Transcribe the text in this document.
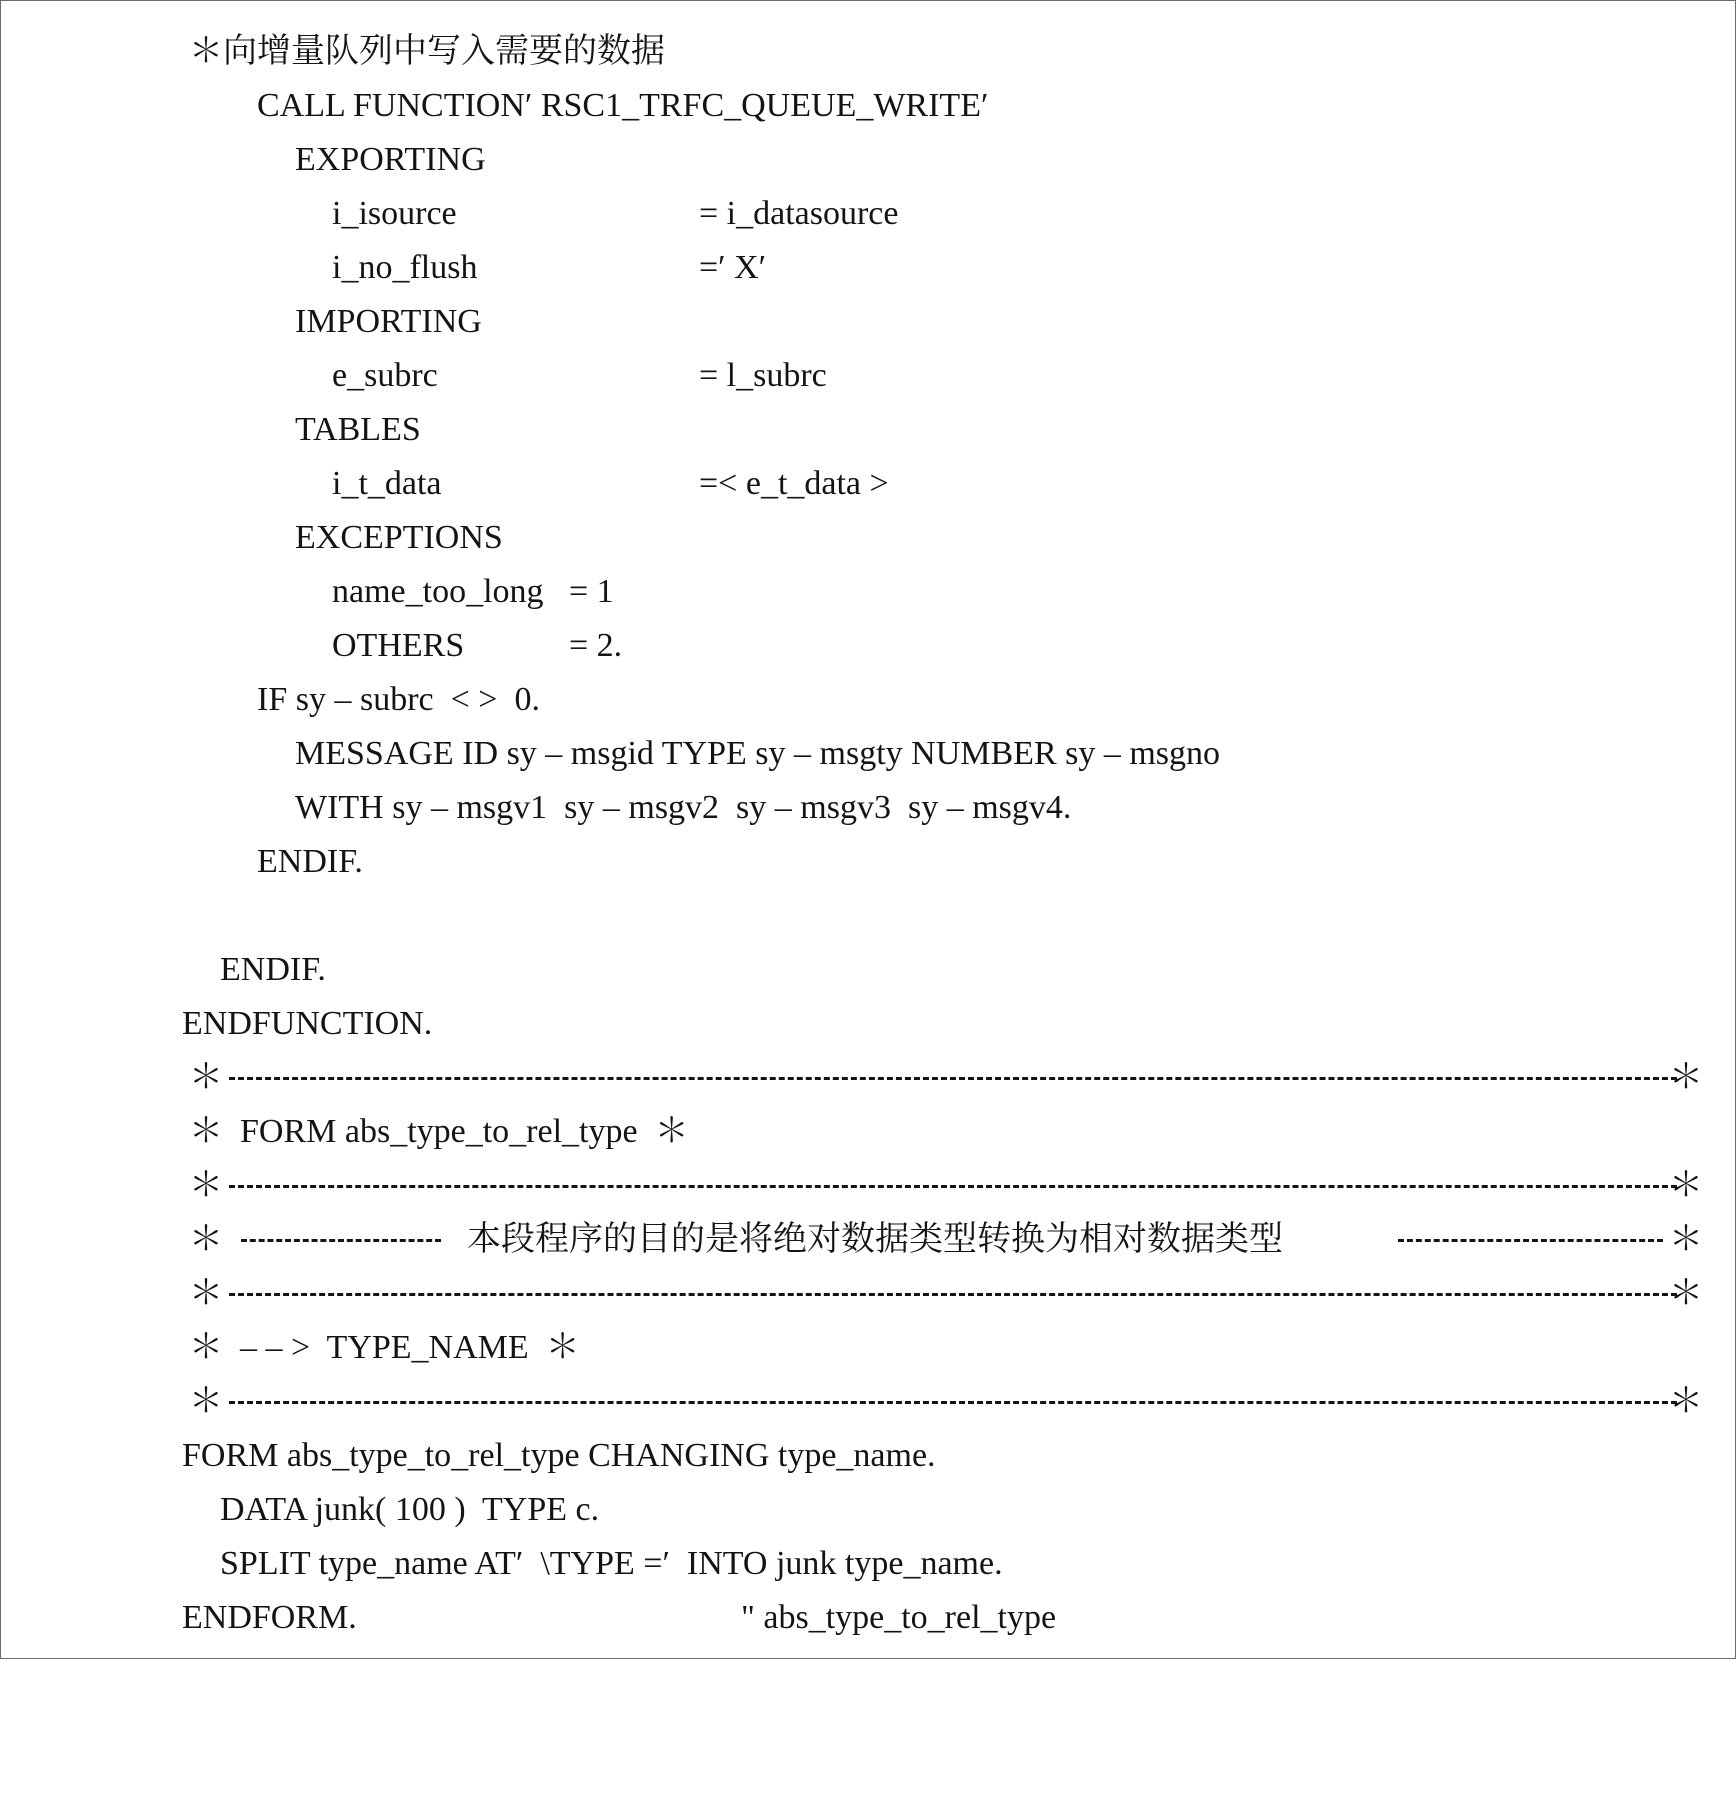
＊向增量队列中写入需要的数据

CALL FUNCTION′ RSC1_TRFC_QUEUE_WRITE′

EXPORTING

i_isource

	= i_datasource

i_no_flush

	=′ X′

IMPORTING

e_subrc

	= l_subrc

TABLES

i_t_data

	=< e_t_data >

EXCEPTIONS

name_too_long

= 1

OTHERS

	= 2.

IF sy – subrc  < >  0.

MESSAGE ID sy – msgid TYPE sy – msgty NUMBER sy – msgno

WITH sy – msgv1  sy – msgv2  sy – msgv3  sy – msgv4.

ENDIF.

ENDIF.

ENDFUNCTION.

＊	＊

＊  FORM abs_type_to_rel_type  ＊

＊	＊
＊	本段程序的目的是将绝对数据类型转换为相对数据类型	＊
＊	＊

＊  – – >  TYPE_NAME  ＊

＊	＊

FORM abs_type_to_rel_type CHANGING type_name.

DATA junk( 100 )  TYPE c.

SPLIT type_name AT′  \TYPE =′  INTO junk type_name.

ENDFORM.

	" abs_type_to_rel_type
